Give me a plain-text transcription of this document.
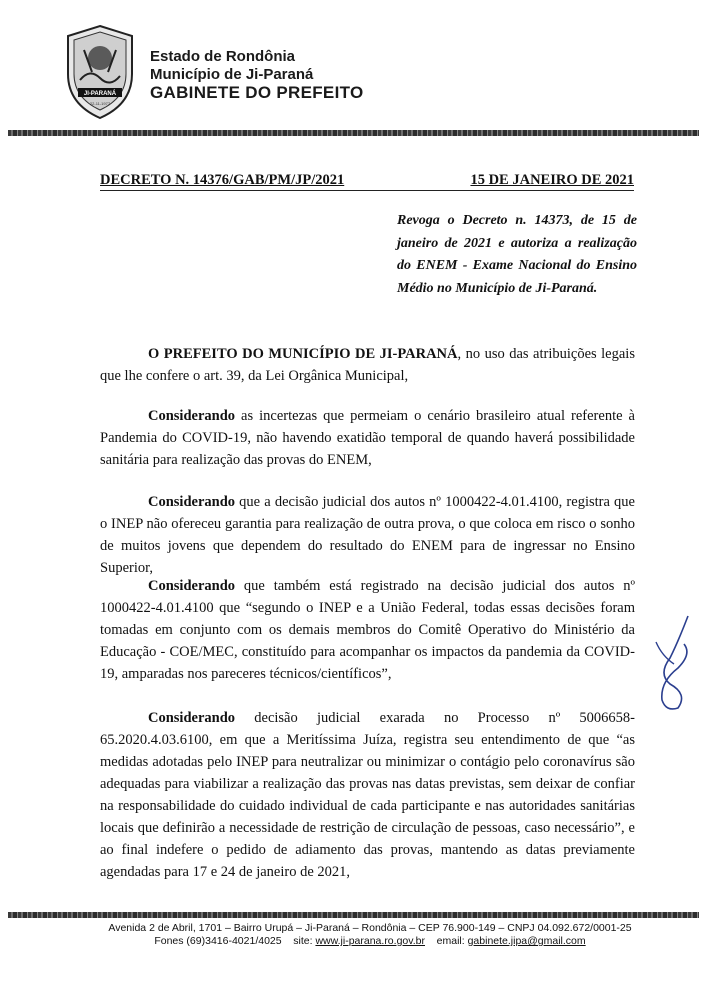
JI-PARANÁ
22-11-1977
Estado de Rondônia
Município de Ji-Paraná
GABINETE DO PREFEITO
DECRETO N. 14376/GAB/PM/JP/2021	15 DE JANEIRO DE 2021

Revoga o Decreto n. 14373, de 15 de janeiro de 2021 e autoriza a realização do ENEM - Exame Nacional do Ensino Médio no Município de Ji-Paraná.

O PREFEITO DO MUNICÍPIO DE JI-PARANÁ, no uso das atribuições legais que lhe confere o art. 39, da Lei Orgânica Municipal,

Considerando as incertezas que permeiam o cenário brasileiro atual referente à Pandemia do COVID-19, não havendo exatidão temporal de quando haverá possibilidade sanitária para realização das provas do ENEM,

Considerando que a decisão judicial dos autos nº 1000422-4.01.4100, registra que o INEP não ofereceu garantia para realização de outra prova, o que coloca em risco o sonho de muitos jovens que dependem do resultado do ENEM para de ingressar no Ensino Superior,

Considerando que também está registrado na decisão judicial dos autos nº 1000422-4.01.4100 que “segundo o INEP e a União Federal, todas essas decisões foram tomadas em conjunto com os demais membros do Comitê Operativo do Ministério da Educação - COE/MEC, constituído para acompanhar os impactos da pandemia da COVID-19, amparadas nos pareceres técnicos/científicos”,

Considerando decisão judicial exarada no Processo nº 5006658-65.2020.4.03.6100, em que a Meritíssima Juíza, registra seu entendimento de que “as medidas adotadas pelo INEP para neutralizar ou minimizar o contágio pelo coronavírus são adequadas para viabilizar a realização das provas nas datas previstas, sem deixar de confiar na responsabilidade do cuidado individual de cada participante e nas autoridades sanitárias locais que definirão a necessidade de restrição de circulação de pessoas, caso necessário”, e ao final indefere o pedido de adiamento das provas, mantendo as datas previamente agendadas para 17 e 24 de janeiro de 2021,

Avenida 2 de Abril, 1701 – Bairro Urupá – Ji-Paraná – Rondônia – CEP 76.900-149 – CNPJ 04.092.672/0001-25
Fones (69)3416-4021/4025 site: www.ji-parana.ro.gov.br email: gabinete.jipa@gmail.com
